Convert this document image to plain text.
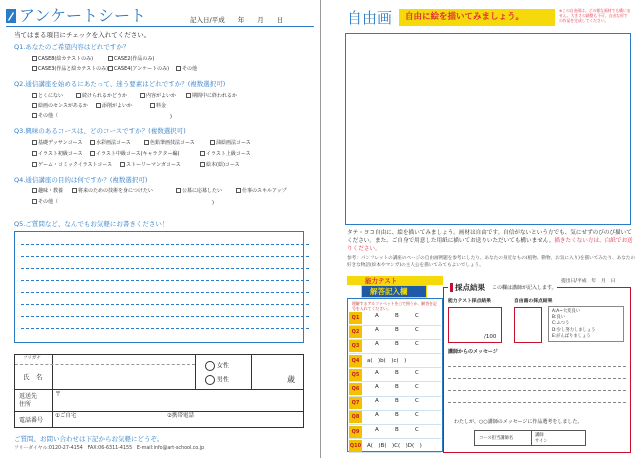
アンケートシート	記入日/平成　　年　　月　　日
当てはまる項目にチェックを入れてください。
Q1.あなたのご希望内容はどれですか？
CASE8(絵カテストのみ)	CASE2(作品のみ)
CASE3(作品と絵カテストのみ)	CASE4(アンケートのみ)	その他
Q2.通信講座を始めるにあたって、迷う要素はどれですか？(複数選択可)
とくにない	続けられるかどうか	内容がよいか	期間中に終われるか
絵画のセンスがあるか	添削がよいか	料金
その他（	)
Q3.興味のあるコースは、どのコースですか？(複数選択可)
基礎デッサンコース	水彩画法コース	色鉛筆画技法コース	油絵画法コース
イラスト初級コース	イラスト中級コース(キャラクター編)	イラスト上級コース
ゲーム・コミックイラストコース	ストーリーマンガコース	絵本(絵)コース
Q4.通信講座の目的は何ですか？(複数選択可)
趣味・教養	将来のための技術を身につけたい	公募に応募したい	仕事のスキルアップ
その他（	)
Q5.ご質問など、なんでもお気軽にお書きください！
フリガナ
氏　名
女性
男性	歳
返送先
住所
〒
電話番号
①ご自宅	②携帯電話
ご質問、お問い合わせは下記からお気軽にどうぞ。
フリーダイヤル:0120-27-4154　FAX:06-6311-4155　E-mail:info@art-school.co.jp
自由画 自由に絵を描いてみましょう。
※この自由画は、どの様な画材でも構いません。大きさの調整も不可、自由な形での作品を完成してください。
タテ・ヨコ自由に、絵を描いてみましょう。画材は自由です。自信がないという方でも、気にせずのびのび描いてください。また、ご自身で用意した用紙に描いてお送りいただいても構いません。描きたくない方は、白紙でお送りください。
参考：パンフレットの講座のページの自由画例題を参考にしたり、あなたの身近なもの(植物、動物、お気に入り)を描いてみたり、あなたの好きな物語(絵本やマンガ)の主人公を描いてみてもよいでしょう。
能力テスト
解答記入欄
理解するアルファベットを○で囲うか、解答を記号を入れてください。
Q1	A	B	C
Q2	A	B	C
Q3	A	B	C
Q4	a(　)b(　)c(　)
Q5	A	B	C
Q6	A	B	C
Q7	A	B	C
Q8	A	B	C
Q9	A	B	C
Q10 A(　)B(　)C(　)D(　)
提出日/平成　年　月　日
採点結果 この欄は講師が記入します。
能力テスト採点結果
/100
自由画の採点結果
A:A~大変良い
B:良い
C:ふつう
D:少し努力しましょう
E:がんばりましょう
講師からのメッセージ
わたしが、○○講師のメッセージに作品選考をしました。
コース担当講師名
講師
サイン
